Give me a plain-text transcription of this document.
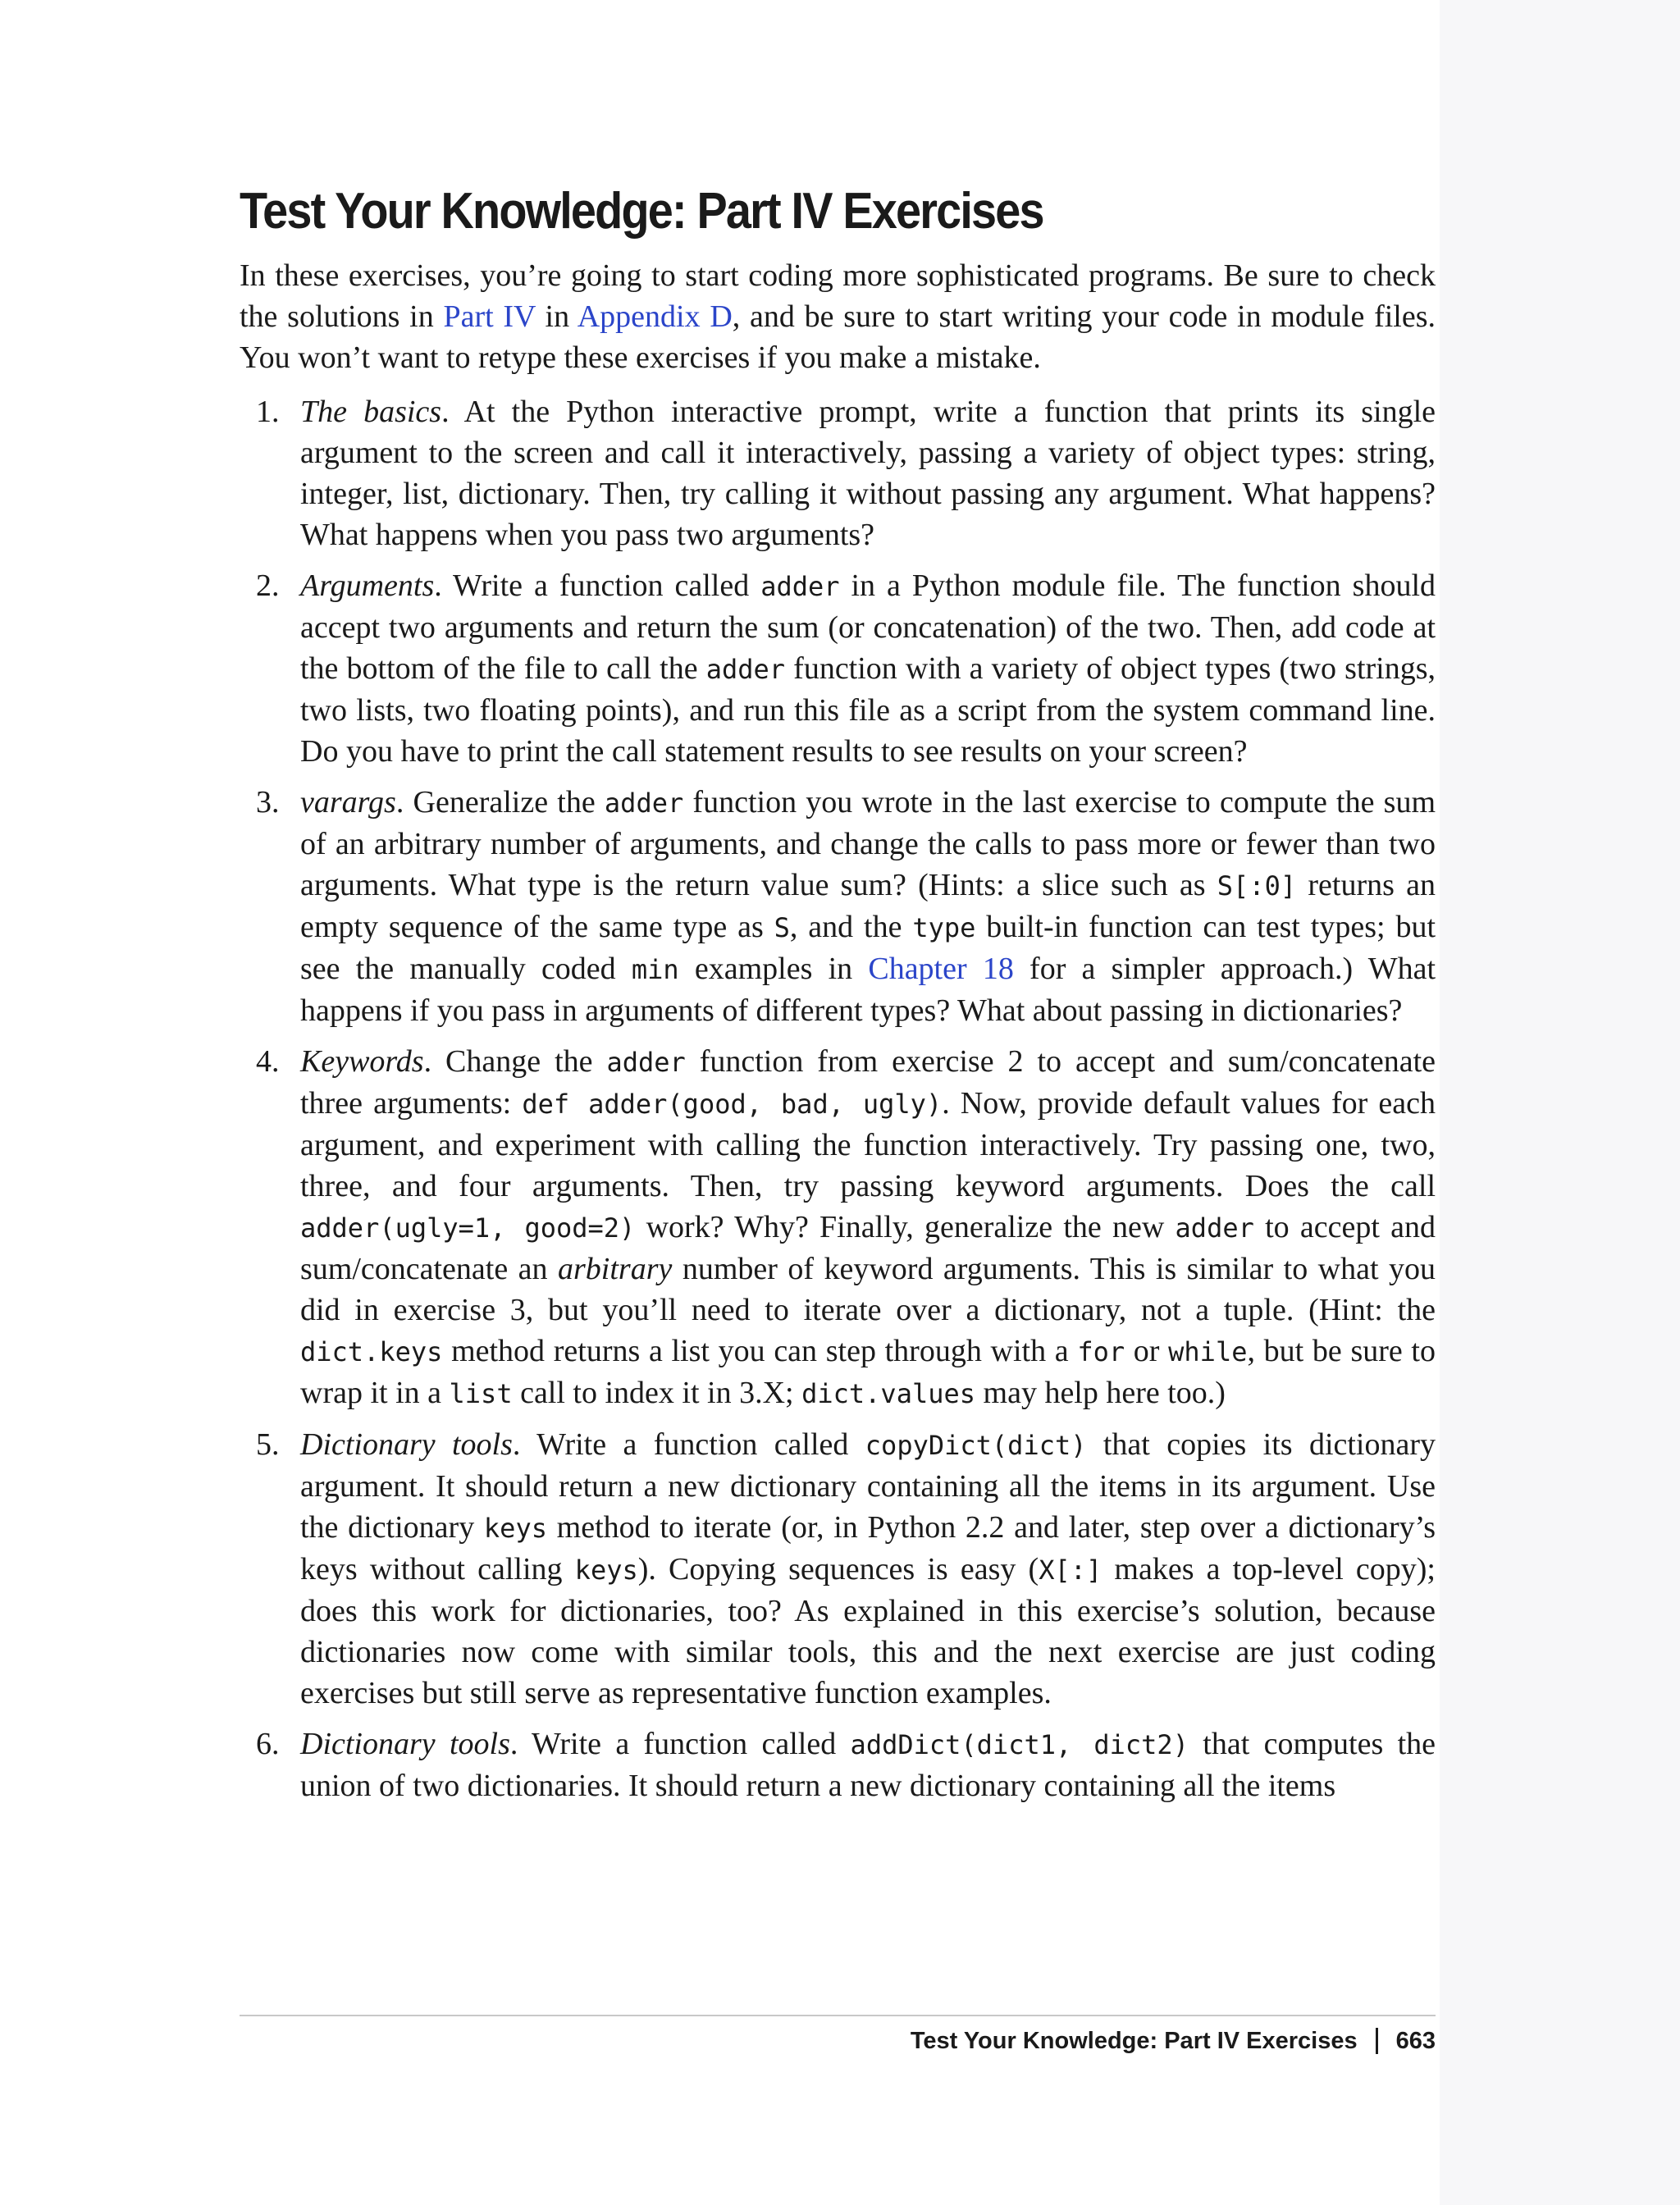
Test Your Knowledge: Part IV Exercises

In these exercises, you’re going to start coding more sophisticated programs. Be sure to check the solutions in Part IV in Appendix D, and be sure to start writing your code in module files. You won’t want to retype these exercises if you make a mistake.

1. The basics. At the Python interactive prompt, write a function that prints its single argument to the screen and call it interactively, passing a variety of object types: string, integer, list, dictionary. Then, try calling it without passing any argument. What happens? What happens when you pass two arguments?

2. Arguments. Write a function called adder in a Python module file. The function should accept two arguments and return the sum (or concatenation) of the two. Then, add code at the bottom of the file to call the adder function with a variety of object types (two strings, two lists, two floating points), and run this file as a script from the system command line. Do you have to print the call statement results to see results on your screen?

3. varargs. Generalize the adder function you wrote in the last exercise to compute the sum of an arbitrary number of arguments, and change the calls to pass more or fewer than two arguments. What type is the return value sum? (Hints: a slice such as S[:0] returns an empty sequence of the same type as S, and the type built-in function can test types; but see the manually coded min examples in Chapter 18 for a simpler approach.) What happens if you pass in arguments of different types? What about passing in dictionaries?

4. Keywords. Change the adder function from exercise 2 to accept and sum/concatenate three arguments: def adder(good, bad, ugly). Now, provide default values for each argument, and experiment with calling the function interactively. Try passing one, two, three, and four arguments. Then, try passing keyword arguments. Does the call adder(ugly=1, good=2) work? Why? Finally, generalize the new adder to accept and sum/concatenate an arbitrary number of keyword arguments. This is similar to what you did in exercise 3, but you’ll need to iterate over a dictionary, not a tuple. (Hint: the dict.keys method returns a list you can step through with a for or while, but be sure to wrap it in a list call to index it in 3.X; dict.values may help here too.)

5. Dictionary tools. Write a function called copyDict(dict) that copies its dictionary argument. It should return a new dictionary containing all the items in its argument. Use the dictionary keys method to iterate (or, in Python 2.2 and later, step over a dictionary’s keys without calling keys). Copying sequences is easy (X[:] makes a top-level copy); does this work for dictionaries, too? As explained in this exercise’s solution, because dictionaries now come with similar tools, this and the next exercise are just coding exercises but still serve as representative function examples.

6. Dictionary tools. Write a function called addDict(dict1, dict2) that computes the union of two dictionaries. It should return a new dictionary containing all the items

Test Your Knowledge: Part IV Exercises 663
